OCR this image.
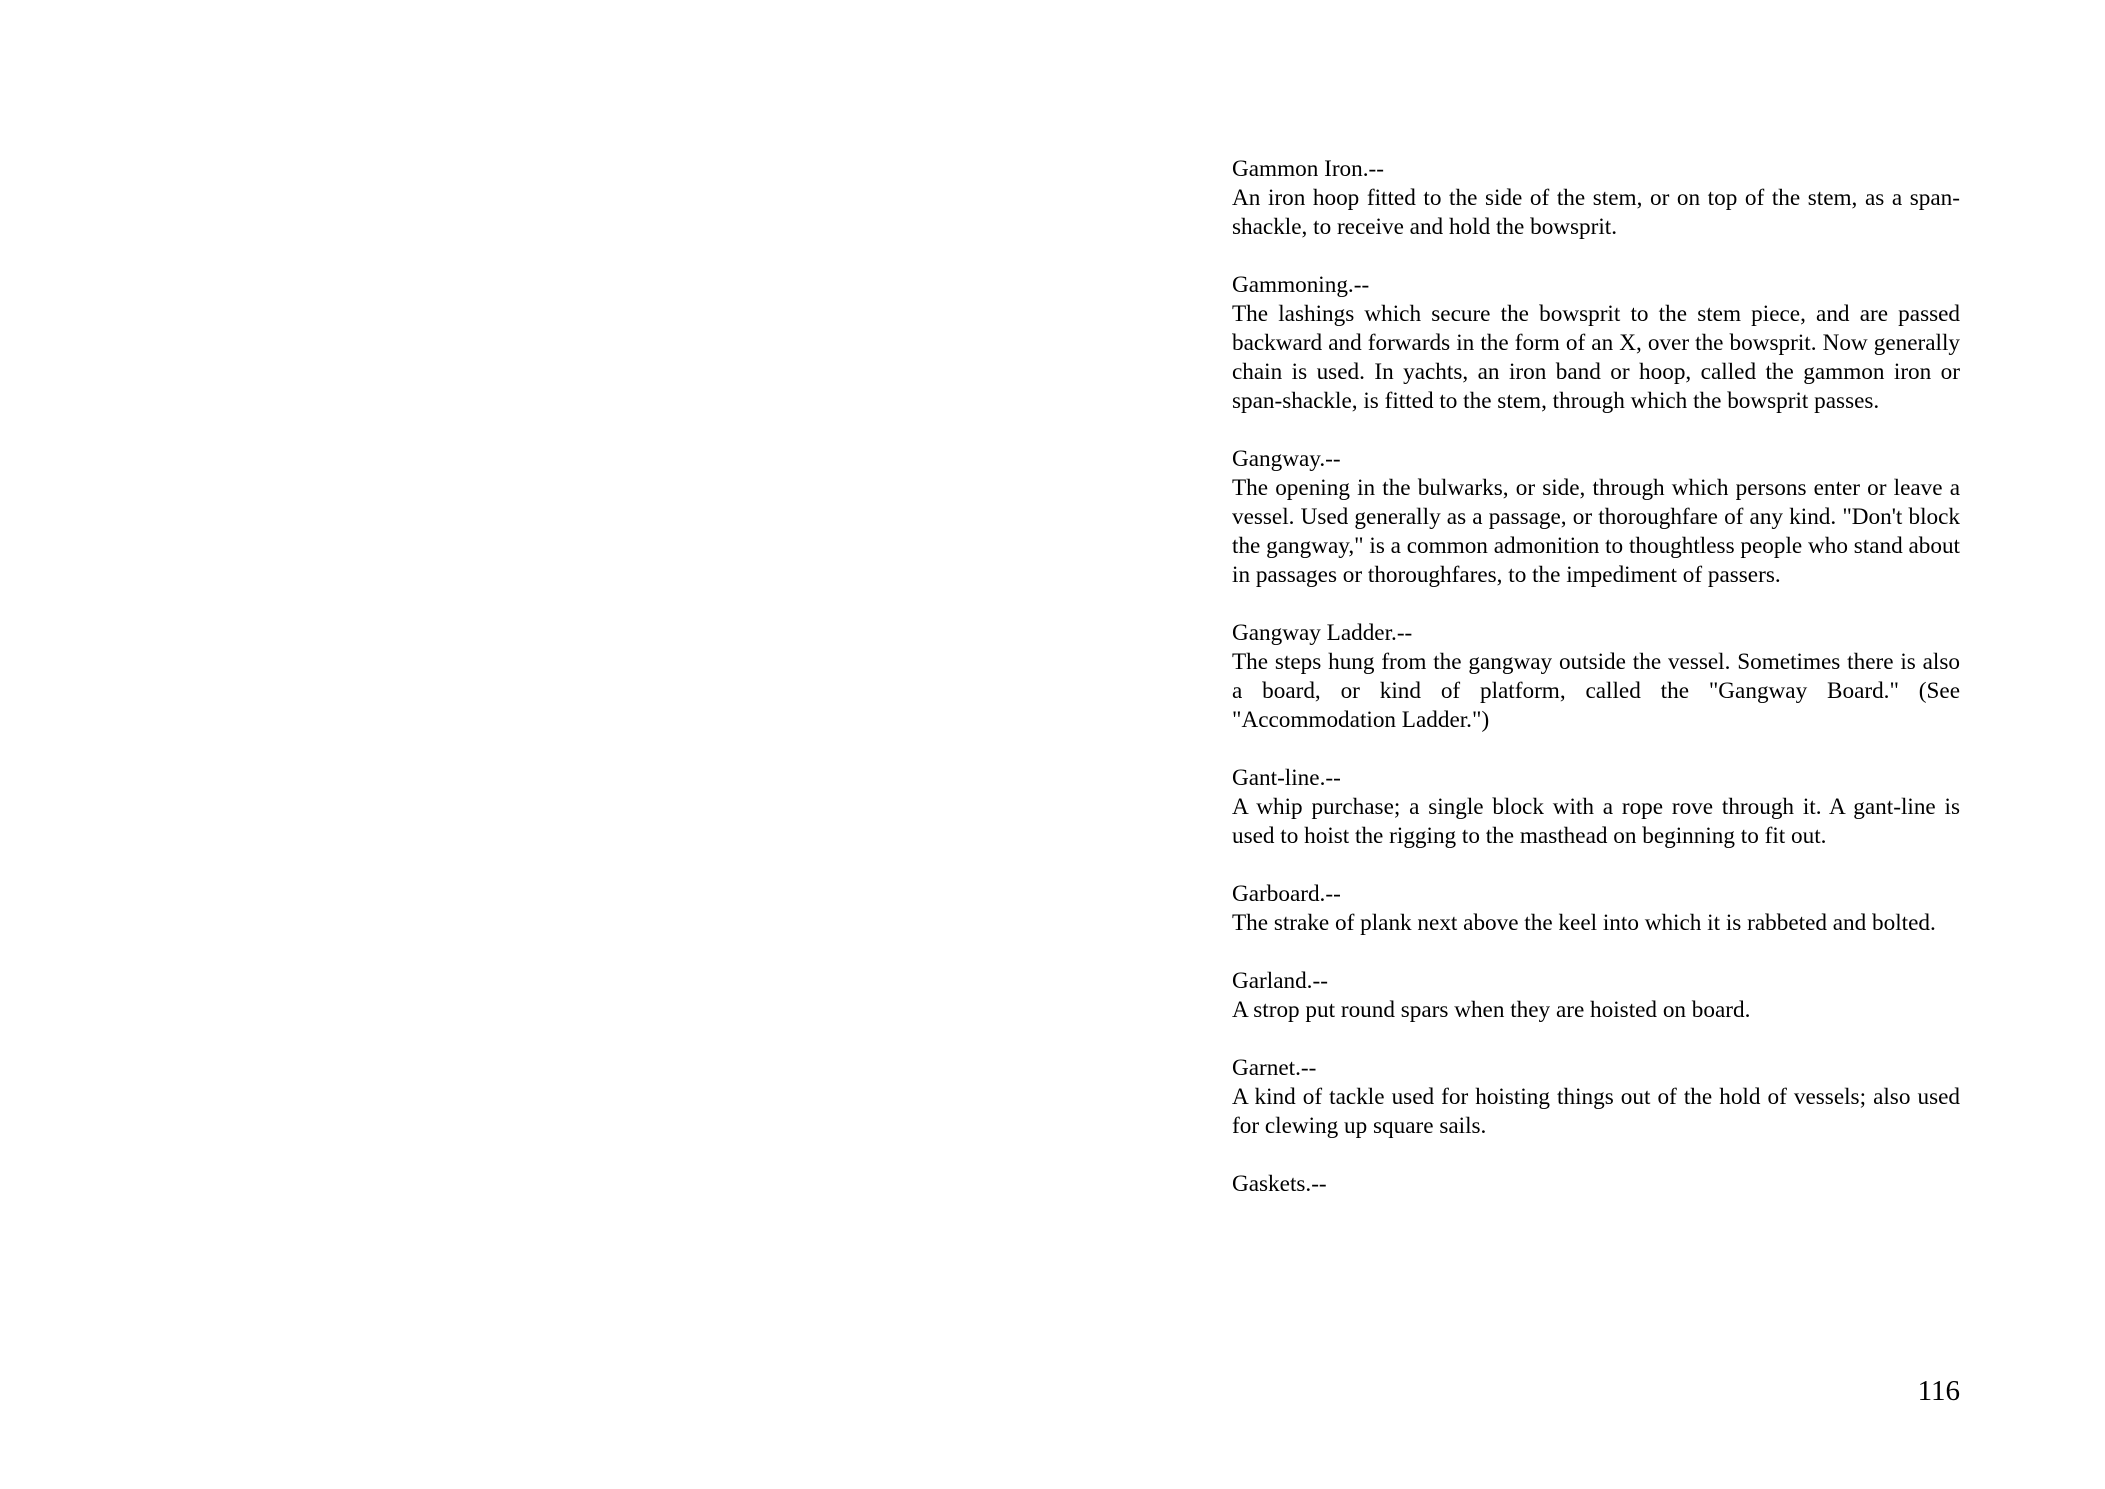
Gammon Iron.--
An iron hoop fitted to the side of the stem, or on top of the stem, as a span-shackle, to receive and hold the bowsprit.
Gammoning.--
The lashings which secure the bowsprit to the stem piece, and are passed backward and forwards in the form of an X, over the bowsprit. Now generally chain is used. In yachts, an iron band or hoop, called the gammon iron or span-shackle, is fitted to the stem, through which the bowsprit passes.
Gangway.--
The opening in the bulwarks, or side, through which persons enter or leave a vessel. Used generally as a passage, or thoroughfare of any kind. "Don't block the gangway," is a common admonition to thoughtless people who stand about in passages or thoroughfares, to the impediment of passers.
Gangway Ladder.--
The steps hung from the gangway outside the vessel. Sometimes there is also a board, or kind of platform, called the "Gangway Board." (See "Accommodation Ladder.")
Gant-line.--
A whip purchase; a single block with a rope rove through it. A gant-line is used to hoist the rigging to the masthead on beginning to fit out.
Garboard.--
The strake of plank next above the keel into which it is rabbeted and bolted.
Garland.--
A strop put round spars when they are hoisted on board.
Garnet.--
A kind of tackle used for hoisting things out of the hold of vessels; also used for clewing up square sails.
Gaskets.--
116
